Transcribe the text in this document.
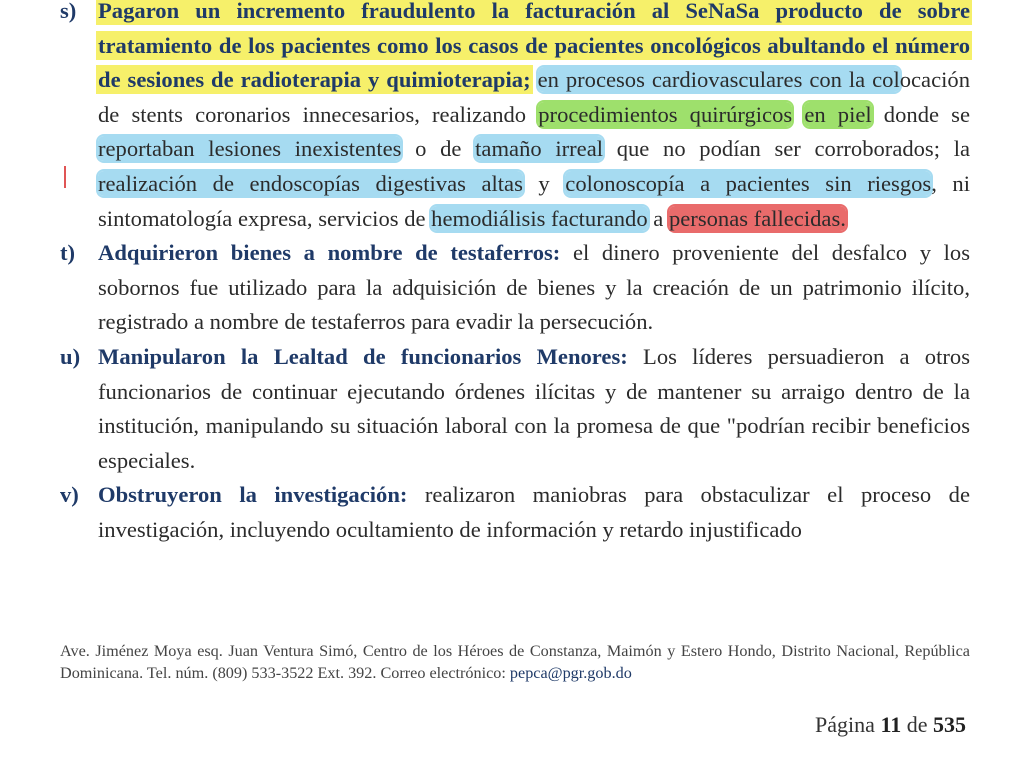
s) Pagaron un incremento fraudulento la facturación al SeNaSa producto de sobre tratamiento de los pacientes como los casos de pacientes oncológicos abultando el número de sesiones de radioterapia y quimioterapia; en procesos cardiovasculares con la colocación de stents coronarios innecesarios, realizando procedimientos quirúrgicos en piel donde se reportaban lesiones inexistentes o de tamaño irreal que no podían ser corroborados; la realización de endoscopías digestivas altas y colonoscopía a pacientes sin riesgos, ni sintomatología expresa, servicios de hemodiálisis facturando a personas fallecidas.
t) Adquirieron bienes a nombre de testaferros: el dinero proveniente del desfalco y los sobornos fue utilizado para la adquisición de bienes y la creación de un patrimonio ilícito, registrado a nombre de testaferros para evadir la persecución.
u) Manipularon la Lealtad de funcionarios Menores: Los líderes persuadieron a otros funcionarios de continuar ejecutando órdenes ilícitas y de mantener su arraigo dentro de la institución, manipulando su situación laboral con la promesa de que "podrían recibir beneficios especiales.
v) Obstruyeron la investigación: realizaron maniobras para obstaculizar el proceso de investigación, incluyendo ocultamiento de información y retardo injustificado
Ave. Jiménez Moya esq. Juan Ventura Simó, Centro de los Héroes de Constanza, Maimón y Estero Hondo, Distrito Nacional, República Dominicana. Tel. núm. (809) 533-3522 Ext. 392. Correo electrónico: pepca@pgr.gob.do
Página 11 de 535
